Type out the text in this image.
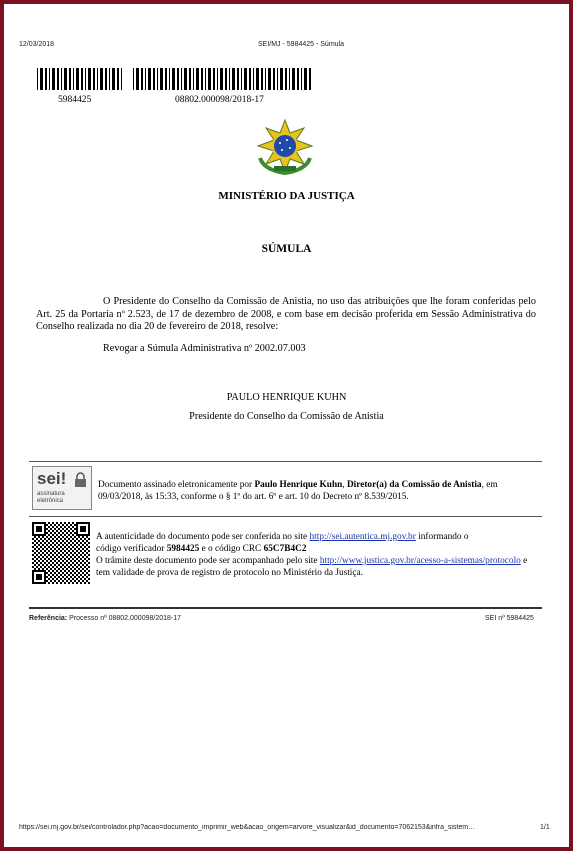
12/03/2018	SEI/MJ - 5984425 - Súmula
5984425	08802.000098/2018-17
MINISTÉRIO DA JUSTIÇA
SÚMULA
O Presidente do Conselho da Comissão de Anistia, no uso das atribuições que lhe foram conferidas pelo Art. 25 da Portaria nº 2.523, de 17 de dezembro de 2008, e com base em decisão proferida em Sessão Administrativa do Conselho realizada no dia 20 de fevereiro de 2018, resolve:
Revogar a Súmula Administrativa nº 2002.07.003
PAULO HENRIQUE KUHN
Presidente do Conselho da Comissão de Anistia
sei!
assinatura
eletrônica
Documento assinado eletronicamente por Paulo Henrique Kuhn, Diretor(a) da Comissão de Anistia, em 09/03/2018, às 15:33, conforme o § 1º do art. 6º e art. 10 do Decreto nº 8.539/2015.
A autenticidade do documento pode ser conferida no site http://sei.autentica.mj.gov.br informando o
código verificador 5984425 e o código CRC 65C7B4C2
O trâmite deste documento pode ser acompanhado pelo site http://www.justica.gov.br/acesso-a-sistemas/protocolo e tem validade de prova de registro de protocolo no Ministério da Justiça.
Referência: Processo nº 08802.000098/2018-17	SEI nº 5984425
https://sei.mj.gov.br/sei/controlador.php?acao=documento_imprimir_web&acao_origem=arvore_visualizar&id_documento=7062153&infra_sistem…	1/1
